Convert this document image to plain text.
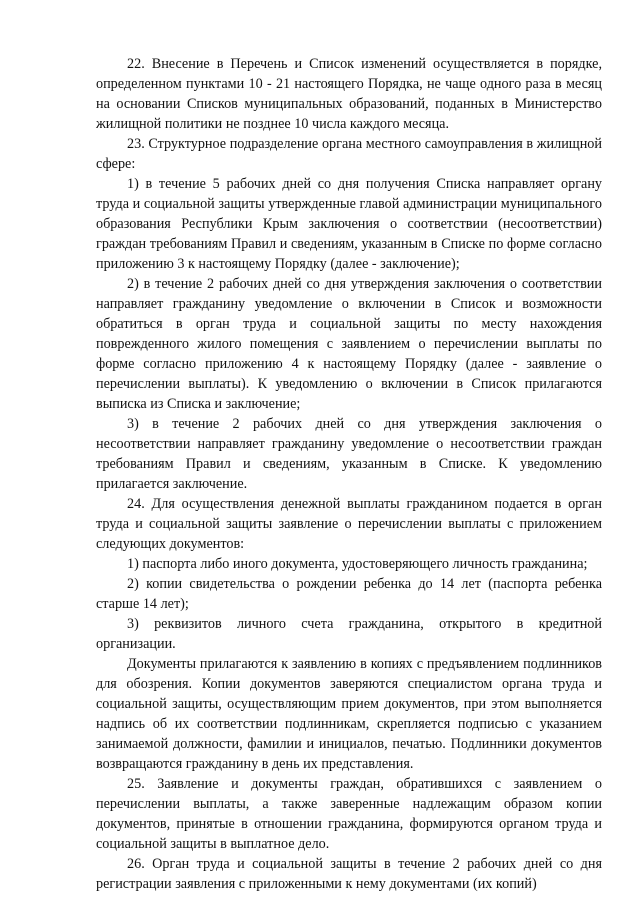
22. Внесение в Перечень и Список изменений осуществляется в порядке, определенном пунктами 10 - 21 настоящего Порядка, не чаще одного раза в месяц на основании Списков муниципальных образований, поданных в Министерство жилищной политики не позднее 10 числа каждого месяца.

23. Структурное подразделение органа местного самоуправления в жилищной сфере:

1) в течение 5 рабочих дней со дня получения Списка направляет органу труда и социальной защиты утвержденные главой администрации муниципального образования Республики Крым заключения о соответствии (несоответствии) граждан требованиям Правил и сведениям, указанным в Списке по форме согласно приложению 3 к настоящему Порядку (далее - заключение);

2) в течение 2 рабочих дней со дня утверждения заключения о соответствии направляет гражданину уведомление о включении в Список и возможности обратиться в орган труда и социальной защиты по месту нахождения поврежденного жилого помещения с заявлением о перечислении выплаты по форме согласно приложению 4 к настоящему Порядку (далее - заявление о перечислении выплаты). К уведомлению о включении в Список прилагаются выписка из Списка и заключение;

3) в течение 2 рабочих дней со дня утверждения заключения о несоответствии направляет гражданину уведомление о несоответствии граждан требованиям Правил и сведениям, указанным в Списке. К уведомлению прилагается заключение.

24. Для осуществления денежной выплаты гражданином подается в орган труда и социальной защиты заявление о перечислении выплаты с приложением следующих документов:

1) паспорта либо иного документа, удостоверяющего личность гражданина;

2) копии свидетельства о рождении ребенка до 14 лет (паспорта ребенка старше 14 лет);

3) реквизитов личного счета гражданина, открытого в кредитной организации.

Документы прилагаются к заявлению в копиях с предъявлением подлинников для обозрения. Копии документов заверяются специалистом органа труда и социальной защиты, осуществляющим прием документов, при этом выполняется надпись об их соответствии подлинникам, скрепляется подписью с указанием занимаемой должности, фамилии и инициалов, печатью. Подлинники документов возвращаются гражданину в день их представления.

25. Заявление и документы граждан, обратившихся с заявлением о перечислении выплаты, а также заверенные надлежащим образом копии документов, принятые в отношении гражданина, формируются органом труда и социальной защиты в выплатное дело.

26. Орган труда и социальной защиты в течение 2 рабочих дней со дня регистрации заявления с приложенными к нему документами (их копий)
